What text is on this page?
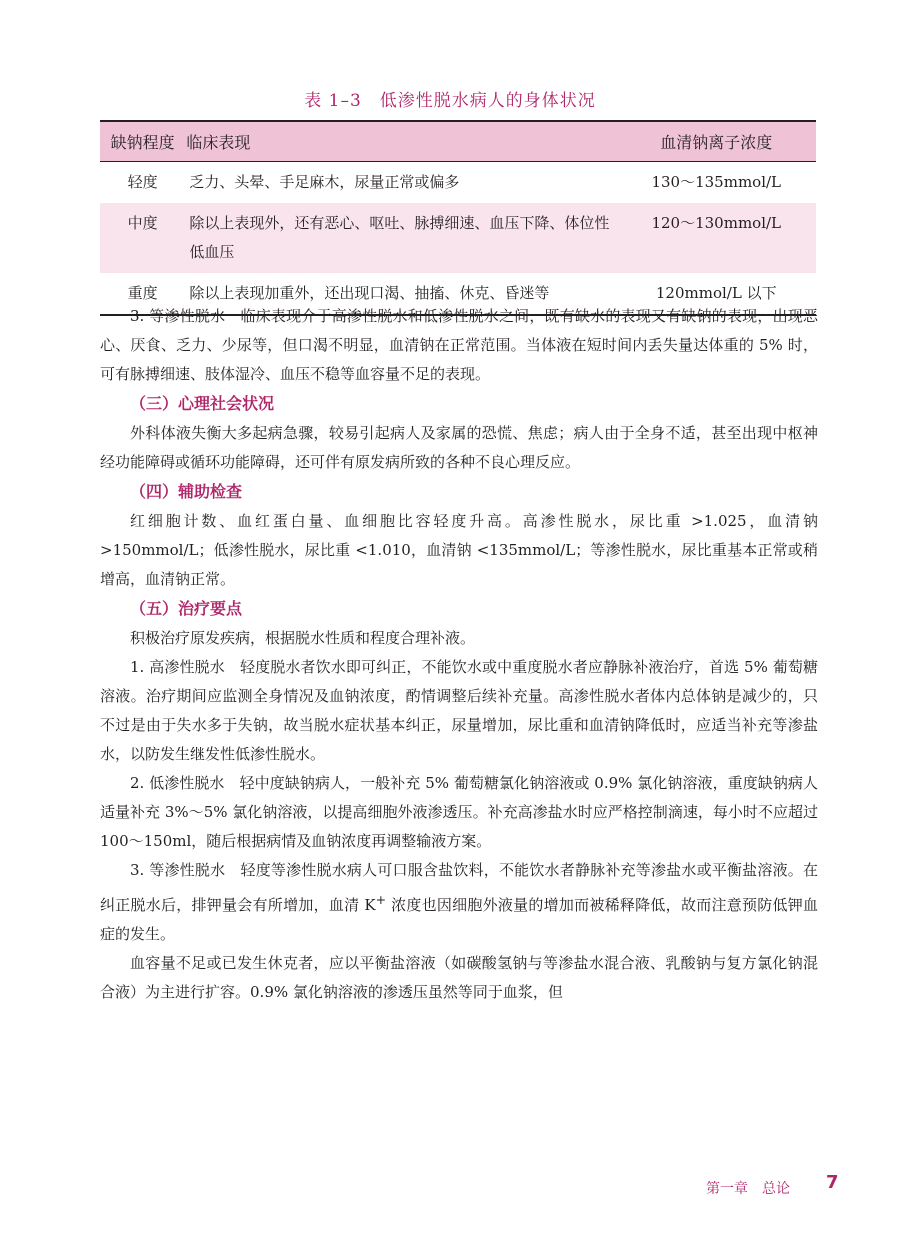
表 1–3　低渗性脱水病人的身体状况
缺钠程度	临床表现	血清钠离子浓度
轻度	乏力、头晕、手足麻木，尿量正常或偏多	130～135mmol/L
中度	除以上表现外，还有恶心、呕吐、脉搏细速、血压下降、体位性低血压	120～130mmol/L
重度	除以上表现加重外，还出现口渴、抽搐、休克、昏迷等	120mmol/L 以下

3. 等渗性脱水　临床表现介于高渗性脱水和低渗性脱水之间，既有缺水的表现又有缺钠的表现，出现恶心、厌食、乏力、少尿等，但口渴不明显，血清钠在正常范围。当体液在短时间内丢失量达体重的 5% 时，可有脉搏细速、肢体湿冷、血压不稳等血容量不足的表现。

（三）心理社会状况

外科体液失衡大多起病急骤，较易引起病人及家属的恐慌、焦虑；病人由于全身不适，甚至出现中枢神经功能障碍或循环功能障碍，还可伴有原发病所致的各种不良心理反应。

（四）辅助检查

红细胞计数、血红蛋白量、血细胞比容轻度升高。高渗性脱水，尿比重 >1.025，血清钠 >150mmol/L；低渗性脱水，尿比重 <1.010，血清钠 <135mmol/L；等渗性脱水，尿比重基本正常或稍增高，血清钠正常。

（五）治疗要点

积极治疗原发疾病，根据脱水性质和程度合理补液。

1. 高渗性脱水　轻度脱水者饮水即可纠正，不能饮水或中重度脱水者应静脉补液治疗，首选 5% 葡萄糖溶液。治疗期间应监测全身情况及血钠浓度，酌情调整后续补充量。高渗性脱水者体内总体钠是减少的，只不过是由于失水多于失钠，故当脱水症状基本纠正，尿量增加，尿比重和血清钠降低时，应适当补充等渗盐水，以防发生继发性低渗性脱水。

2. 低渗性脱水　轻中度缺钠病人，一般补充 5% 葡萄糖氯化钠溶液或 0.9% 氯化钠溶液，重度缺钠病人适量补充 3%～5% 氯化钠溶液，以提高细胞外液渗透压。补充高渗盐水时应严格控制滴速，每小时不应超过 100～150ml，随后根据病情及血钠浓度再调整输液方案。

3. 等渗性脱水　轻度等渗性脱水病人可口服含盐饮料，不能饮水者静脉补充等渗盐水或平衡盐溶液。在纠正脱水后，排钾量会有所增加，血清 K+ 浓度也因细胞外液量的增加而被稀释降低，故而注意预防低钾血症的发生。

血容量不足或已发生休克者，应以平衡盐溶液（如碳酸氢钠与等渗盐水混合液、乳酸钠与复方氯化钠混合液）为主进行扩容。0.9% 氯化钠溶液的渗透压虽然等同于血浆，但

第一章　总论 7
